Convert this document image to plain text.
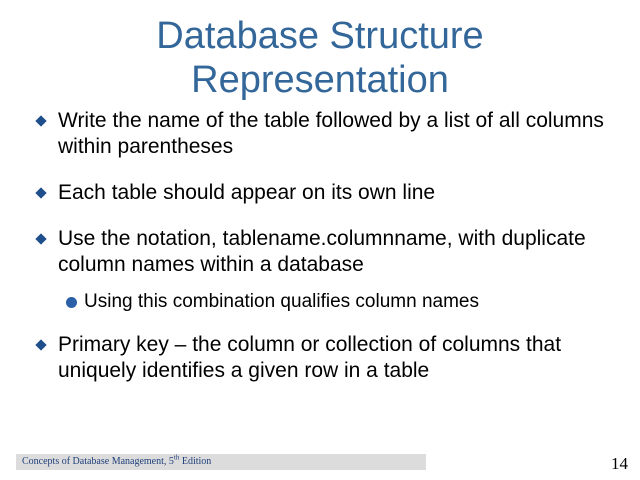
Database Structure
Representation
Write the name of the table followed by a list of all columns within parentheses
Each table should appear on its own line
Use the notation, tablename.columnname, with duplicate column names within a database
Using this combination qualifies column names
Primary key – the column or collection of columns that uniquely identifies a given row in a table
Concepts of Database Management, 5th Edition	14
